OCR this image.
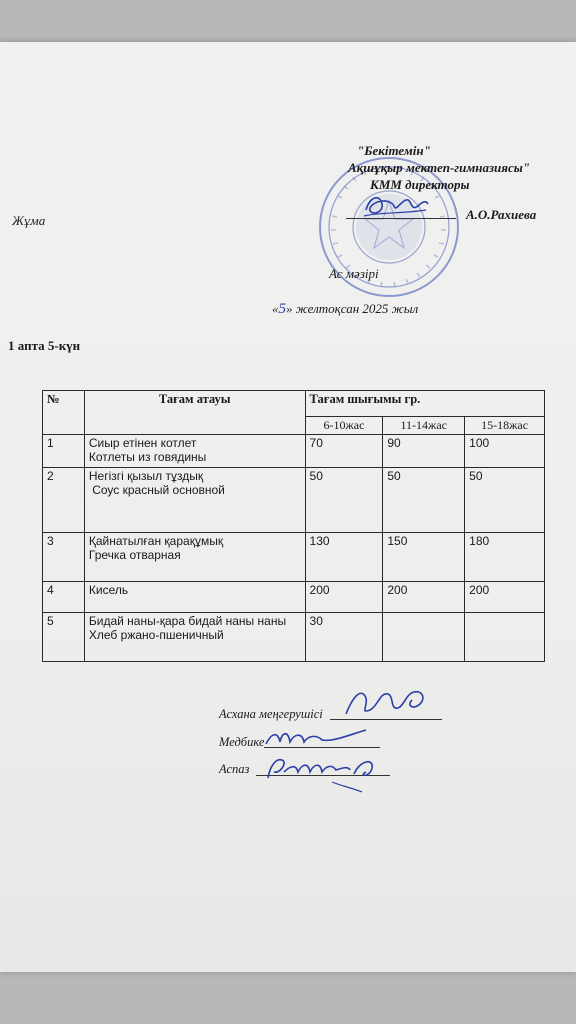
"Бекітемін"
Ақшұқыр мектеп-гимназиясы"
КММ директоры
А.О.Рахиева
Жұма
Ас мәзірі
«5» желтоқсан 2025 жыл
1 апта 5-күн
№	Тағам атауы	Тағам шығымы гр.		
		6-10жас	11-14жас	15-18жас
1	Сиыр етінен котлет
Котлеты из говядины	70	90	100
2	Негізгі қызыл тұздық
Соус красный основной	50	50	50
3	Қайнатылған қарақұмық
Гречка отварная	130	150	180
4	Кисель	200	200	200
5	Бидай наны-қара бидай наны наны
Хлеб ржано-пшеничный	30		
Асхана меңгерушісі
Медбике
Аспаз
